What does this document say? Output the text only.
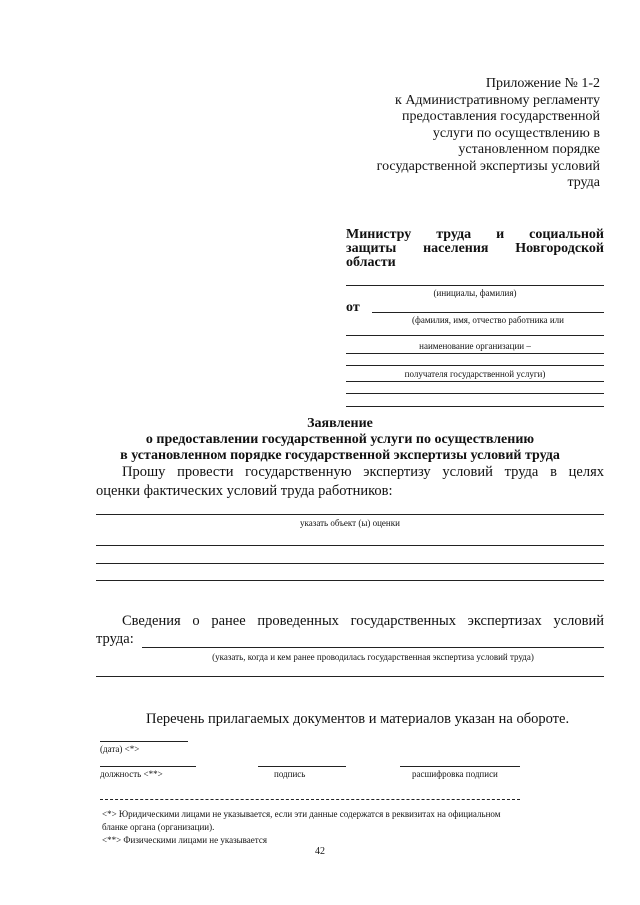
Приложение № 1-2
к Административному регламенту
предоставления государственной
услуги по осуществлению в
установленном порядке
государственной экспертизы условий
труда
Министру труда и социальной
защиты населения Новгородской
области
(инициалы, фамилия)
от
(фамилия, имя, отчество работника или
наименование организации –
получателя государственной услуги)
Заявление
о предоставлении государственной услуги по осуществлению
в установленном порядке государственной экспертизы условий труда
Прошу провести государственную экспертизу условий труда в целях
оценки фактических условий труда работников:
указать объект (ы) оценки
Сведения о ранее проведенных государственных экспертизах условий
труда:
(указать, когда и кем ранее проводилась государственная экспертиза условий труда)
Перечень прилагаемых документов и материалов указан на обороте.
(дата) <*>
должность <**>	подпись	расшифровка подписи
<*> Юридическими лицами не указывается, если эти данные содержатся в реквизитах на официальном
бланке органа (организации).
<**> Физическими лицами не указывается
42
